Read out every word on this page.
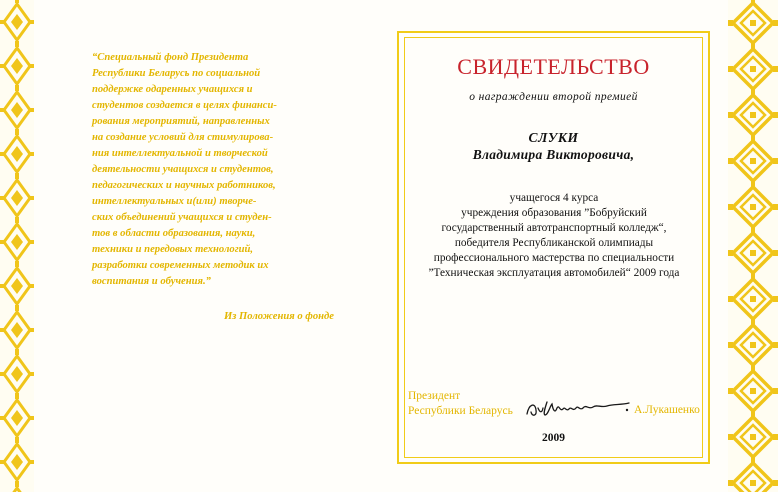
“Специальный фонд Президента
Республики Беларусь по социальной
поддержке одаренных учащихся и
студентов создается в целях финанси-
рования мероприятий, направленных
на создание условий для стимулирова-
ния интеллектуальной и творческой
деятельности учащихся и студентов,
педагогических и научных работников,
интеллектуальных и(или) творче-
ских объединений учащихся и студен-
тов в области образования, науки,
техники и передовых технологий,
разработки современных методик их
воспитания и обучения.”
Из Положения о фонде
СВИДЕТЕЛЬСТВО
о награждении второй премией
СЛУКИ
Владимира Викторовича,
учащегося 4 курса
учреждения образования ”Бобруйский
государственный автотранспортный колледж“,
победителя Республиканской олимпиады
профессионального мастерства по специальности
”Техническая эксплуатация автомобилей“ 2009 года
Президент
Республики Беларусь	А.Лукашенко
2009
